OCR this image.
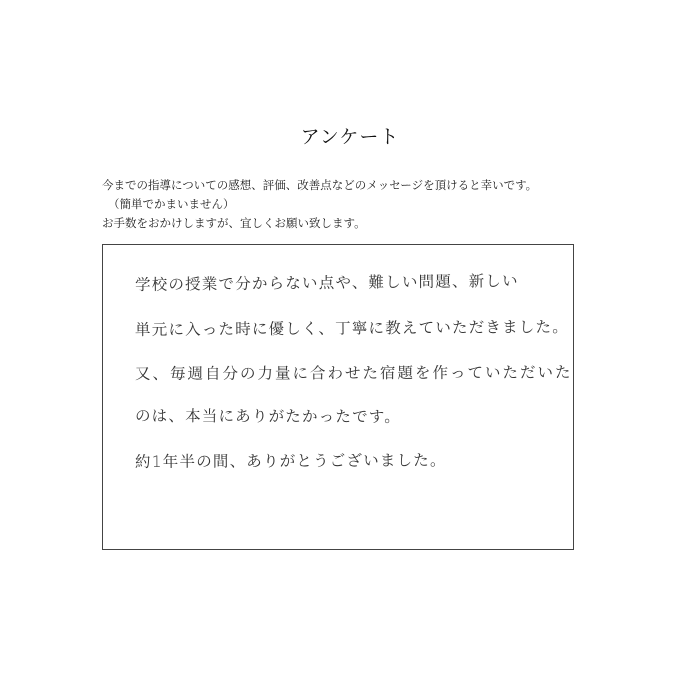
アンケート
今までの指導についての感想、評価、改善点などのメッセージを頂けると幸いです。
（簡単でかまいません）
お手数をおかけしますが、宜しくお願い致します。
学校の授業で分からない点や、難しい問題、新しい
単元に入った時に優しく、丁寧に教えていただきました。
又、毎週自分の力量に合わせた宿題を作っていただいた
のは、本当にありがたかったです。
約1年半の間、ありがとうございました。
